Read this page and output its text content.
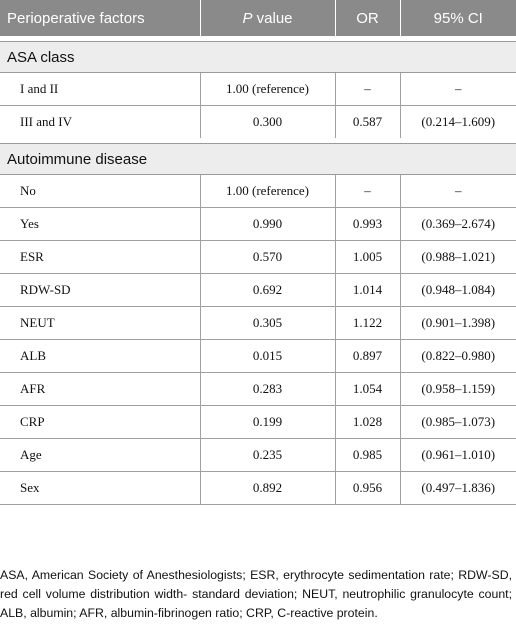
Perioperative factors	P value	OR	95% CI

ASA class			
I and II	1.00 (reference)	–	–
III and IV	0.300	0.587	(0.214–1.609)

Autoimmune disease			
No	1.00 (reference)	–	–
Yes	0.990	0.993	(0.369–2.674)
ESR	0.570	1.005	(0.988–1.021)
RDW-SD	0.692	1.014	(0.948–1.084)
NEUT	0.305	1.122	(0.901–1.398)
ALB	0.015	0.897	(0.822–0.980)
AFR	0.283	1.054	(0.958–1.159)
CRP	0.199	1.028	(0.985–1.073)
Age	0.235	0.985	(0.961–1.010)
Sex	0.892	0.956	(0.497–1.836)

ASA, American Society of Anesthesiologists; ESR, erythrocyte sedimentation rate; RDW-SD, red cell volume distribution width- standard deviation; NEUT, neutrophilic granulocyte count; ALB, albumin; AFR, albumin-fibrinogen ratio; CRP, C-reactive protein.
